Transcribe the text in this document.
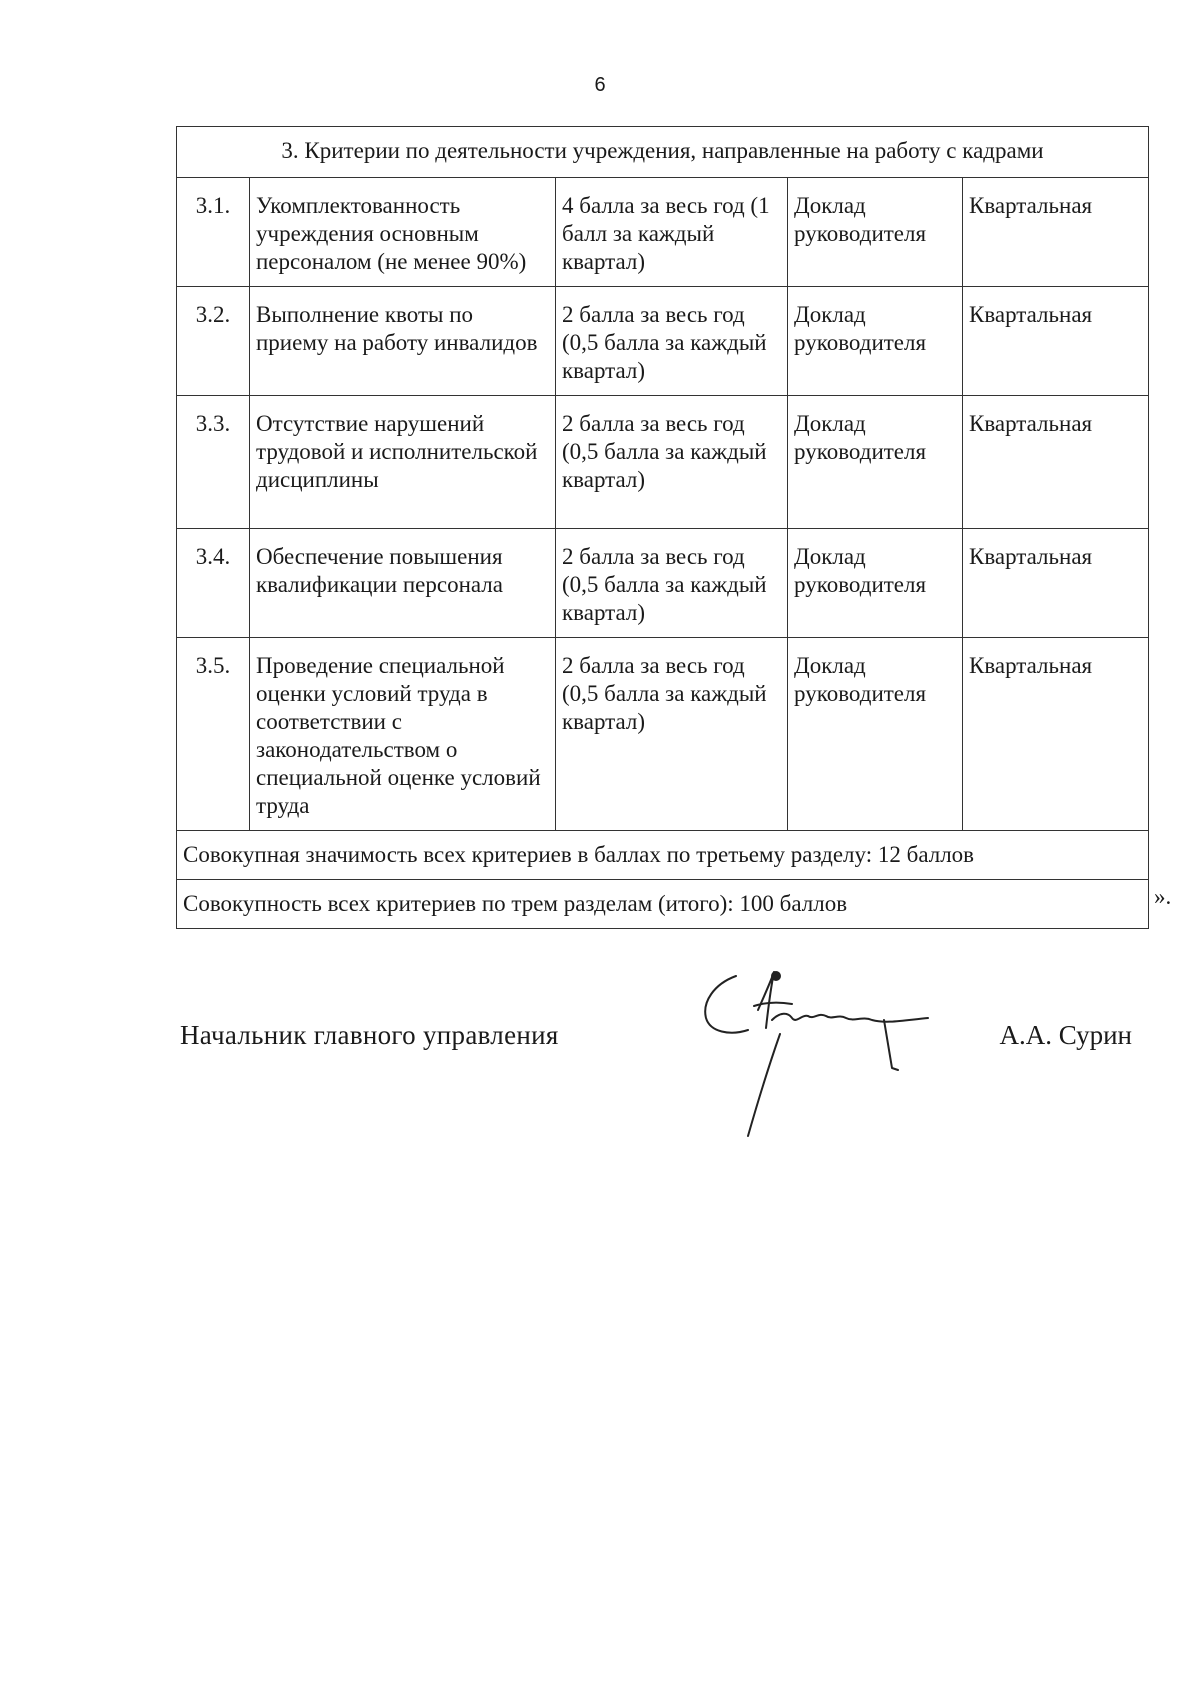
6
3. Критерии по деятельности учреждения, направленные на работу с кадрами				
3.1.	Укомплектованность учреждения основным персоналом (не менее 90%)	4 балла за весь год (1 балл за каждый квартал)	Доклад руководителя	Квартальная
3.2.	Выполнение квоты по приему на работу инвалидов	2 балла за весь год (0,5 балла за каждый квартал)	Доклад руководителя	Квартальная
3.3.	Отсутствие нарушений трудовой и исполнительской дисциплины	2 балла за весь год (0,5 балла за каждый квартал)	Доклад руководителя	Квартальная
3.4.	Обеспечение повышения квалификации персонала	2 балла за весь год (0,5 балла за каждый квартал)	Доклад руководителя	Квартальная
3.5.	Проведение специальной оценки условий труда в соответствии с законодательством о специальной оценке условий труда	2 балла за весь год (0,5 балла за каждый квартал)	Доклад руководителя	Квартальная
Совокупная значимость всех критериев в баллах по третьему разделу: 12 баллов				
Совокупность всех критериев по трем разделам (итого): 100 баллов					».
Начальник главного управления	А.А. Сурин
